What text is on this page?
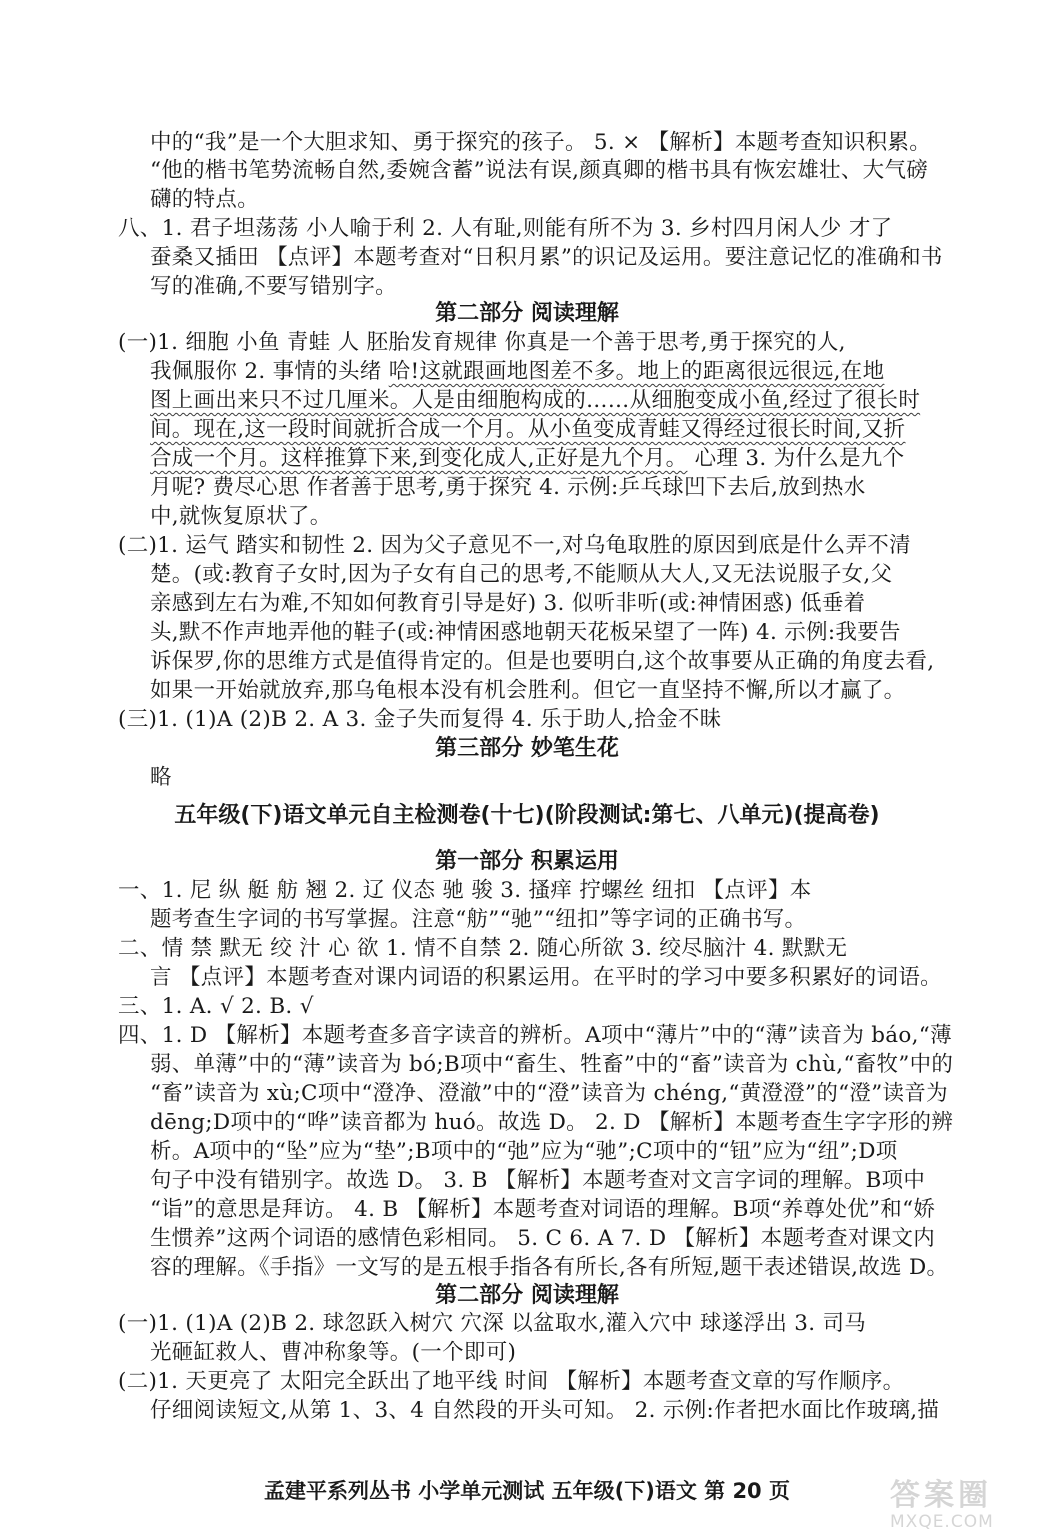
中的“我”是一个大胆求知、勇于探究的孩子。 5. × 【解析】本题考查知识积累。
“他的楷书笔势流畅自然,委婉含蓄”说法有误,颜真卿的楷书具有恢宏雄壮、大气磅
礴的特点。
八、1. 君子坦荡荡 小人喻于利 2. 人有耻,则能有所不为 3. 乡村四月闲人少 才了
蚕桑又插田 【点评】本题考查对“日积月累”的识记及运用。要注意记忆的准确和书
写的准确,不要写错别字。
(一)1. 细胞 小鱼 青蛙 人 胚胎发育规律 你真是一个善于思考,勇于探究的人,
我佩服你 2. 事情的头绪 哈!这就跟画地图差不多。地上的距离很远很远,在地
图上画出来只不过几厘米。人是由细胞构成的……从细胞变成小鱼,经过了很长时
间。现在,这一段时间就折合成一个月。从小鱼变成青蛙又得经过很长时间,又折
合成一个月。这样推算下来,到变化成人,正好是九个月。 心理 3. 为什么是九个
月呢? 费尽心思 作者善于思考,勇于探究 4. 示例:乒乓球凹下去后,放到热水
中,就恢复原状了。
(二)1. 运气 踏实和韧性 2. 因为父子意见不一,对乌龟取胜的原因到底是什么弄不清
楚。(或:教育子女时,因为子女有自己的思考,不能顺从大人,又无法说服子女,父
亲感到左右为难,不知如何教育引导是好) 3. 似听非听(或:神情困惑) 低垂着
头,默不作声地弄他的鞋子(或:神情困惑地朝天花板呆望了一阵) 4. 示例:我要告
诉保罗,你的思维方式是值得肯定的。但是也要明白,这个故事要从正确的角度去看,
如果一开始就放弃,那乌龟根本没有机会胜利。但它一直坚持不懈,所以才赢了。
(三)1. (1)A (2)B 2. A 3. 金子失而复得 4. 乐于助人,拾金不昧
略
一、1. 尼 纵 艇 舫 翘 2. 辽 仪态 驰 骏 3. 搔痒 拧螺丝 纽扣 【点评】本
题考查生字词的书写掌握。注意“舫”“驰”“纽扣”等字词的正确书写。
二、情 禁 默无 绞 汁 心 欲 1. 情不自禁 2. 随心所欲 3. 绞尽脑汁 4. 默默无
言 【点评】本题考查对课内词语的积累运用。在平时的学习中要多积累好的词语。
三、1. A. √ 2. B. √
四、1. D 【解析】本题考查多音字读音的辨析。A项中“薄片”中的“薄”读音为 báo,“薄
弱、单薄”中的“薄”读音为 bó;B项中“畜生、牲畜”中的“畜”读音为 chù,“畜牧”中的
“畜”读音为 xù;C项中“澄净、澄澈”中的“澄”读音为 chéng,“黄澄澄”的“澄”读音为
dēng;D项中的“哗”读音都为 huó。故选 D。 2. D 【解析】本题考查生字字形的辨
析。A项中的“坠”应为“垫”;B项中的“弛”应为“驰”;C项中的“钮”应为“纽”;D项
句子中没有错别字。故选 D。 3. B 【解析】本题考查对文言字词的理解。B项中
“诣”的意思是拜访。 4. B 【解析】本题考查对词语的理解。B项“养尊处优”和“娇
生惯养”这两个词语的感情色彩相同。 5. C 6. A 7. D 【解析】本题考查对课文内
容的理解。《手指》一文写的是五根手指各有所长,各有所短,题干表述错误,故选 D。
(一)1. (1)A (2)B 2. 球忽跃入树穴 穴深 以盆取水,灌入穴中 球遂浮出 3. 司马
光砸缸救人、曹冲称象等。(一个即可)
(二)1. 天更亮了 太阳完全跃出了地平线 时间 【解析】本题考查文章的写作顺序。
仔细阅读短文,从第 1、3、4 自然段的开头可知。 2. 示例:作者把水面比作玻璃,描
第二部分 阅读理解
第三部分 妙笔生花
五年级(下)语文单元自主检测卷(十七)(阶段测试:第七、八单元)(提高卷)
第一部分 积累运用
第二部分 阅读理解
孟建平系列丛书 小学单元测试 五年级(下)语文 第 20 页	答案圈
MXQE.COM
